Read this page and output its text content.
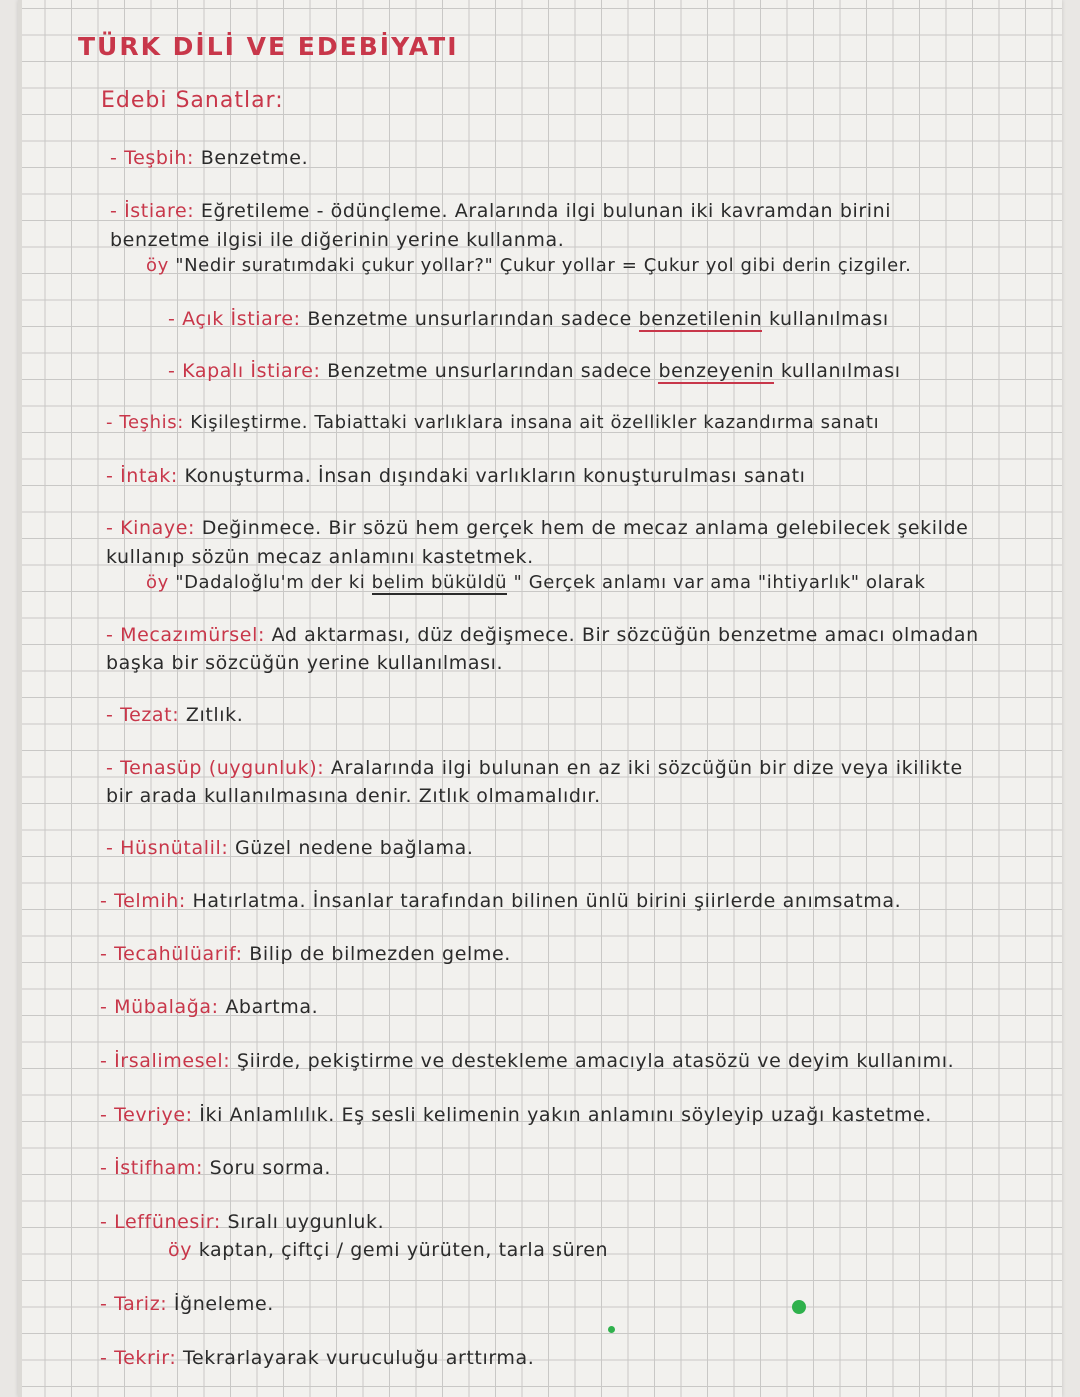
TÜRK DİLİ VE EDEBİYATI
Edebi Sanatlar:
- Teşbih: Benzetme.
- İstiare: Eğretileme - ödünçleme. Aralarında ilgi bulunan iki kavramdan birini
benzetme ilgisi ile diğerinin yerine kullanma.
öy "Nedir suratımdaki çukur yollar?" Çukur yollar = Çukur yol gibi derin çizgiler.
- Açık İstiare: Benzetme unsurlarından sadece benzetilenin kullanılması
- Kapalı İstiare: Benzetme unsurlarından sadece benzeyenin kullanılması
- Teşhis: Kişileştirme. Tabiattaki varlıklara insana ait özellikler kazandırma sanatı
- İntak: Konuşturma. İnsan dışındaki varlıkların konuşturulması sanatı
- Kinaye: Değinmece. Bir sözü hem gerçek hem de mecaz anlama gelebilecek şekilde
kullanıp sözün mecaz anlamını kastetmek.
öy "Dadaloğlu'm der ki belim büküldü " Gerçek anlamı var ama "ihtiyarlık" olarak
- Mecazımürsel: Ad aktarması, düz değişmece. Bir sözcüğün benzetme amacı olmadan
başka bir sözcüğün yerine kullanılması.
- Tezat: Zıtlık.
- Tenasüp (uygunluk): Aralarında ilgi bulunan en az iki sözcüğün bir dize veya ikilikte
bir arada kullanılmasına denir. Zıtlık olmamalıdır.
- Hüsnütalil: Güzel nedene bağlama.
- Telmih: Hatırlatma. İnsanlar tarafından bilinen ünlü birini şiirlerde anımsatma.
- Tecahülüarif: Bilip de bilmezden gelme.
- Mübalağa: Abartma.
- İrsalimesel: Şiirde, pekiştirme ve destekleme amacıyla atasözü ve deyim kullanımı.
- Tevriye: İki Anlamlılık. Eş sesli kelimenin yakın anlamını söyleyip uzağı kastetme.
- İstifham: Soru sorma.
- Leffünesir: Sıralı uygunluk.
öy kaptan, çiftçi / gemi yürüten, tarla süren
- Tariz: İğneleme.
- Tekrir: Tekrarlayarak vuruculuğu arttırma.
